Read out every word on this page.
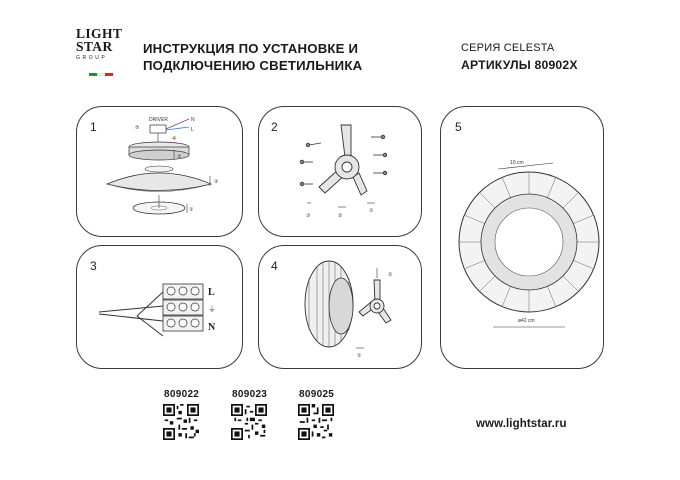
LIGHT
STAR
GROUP
ИНСТРУКЦИЯ ПО УСТАНОВКЕ И
ПОДКЛЮЧЕНИЮ СВЕТИЛЬНИКА
СЕРИЯ CELESTA
АРТИКУЛЫ 80902X
1	DRIVER	N
L
⑤
④
③
②
①
2
③	②
①
3
L
⏚
N
4
②
①
5
10 cm
ø42 cm
809022	809023	809025
www.lightstar.ru
